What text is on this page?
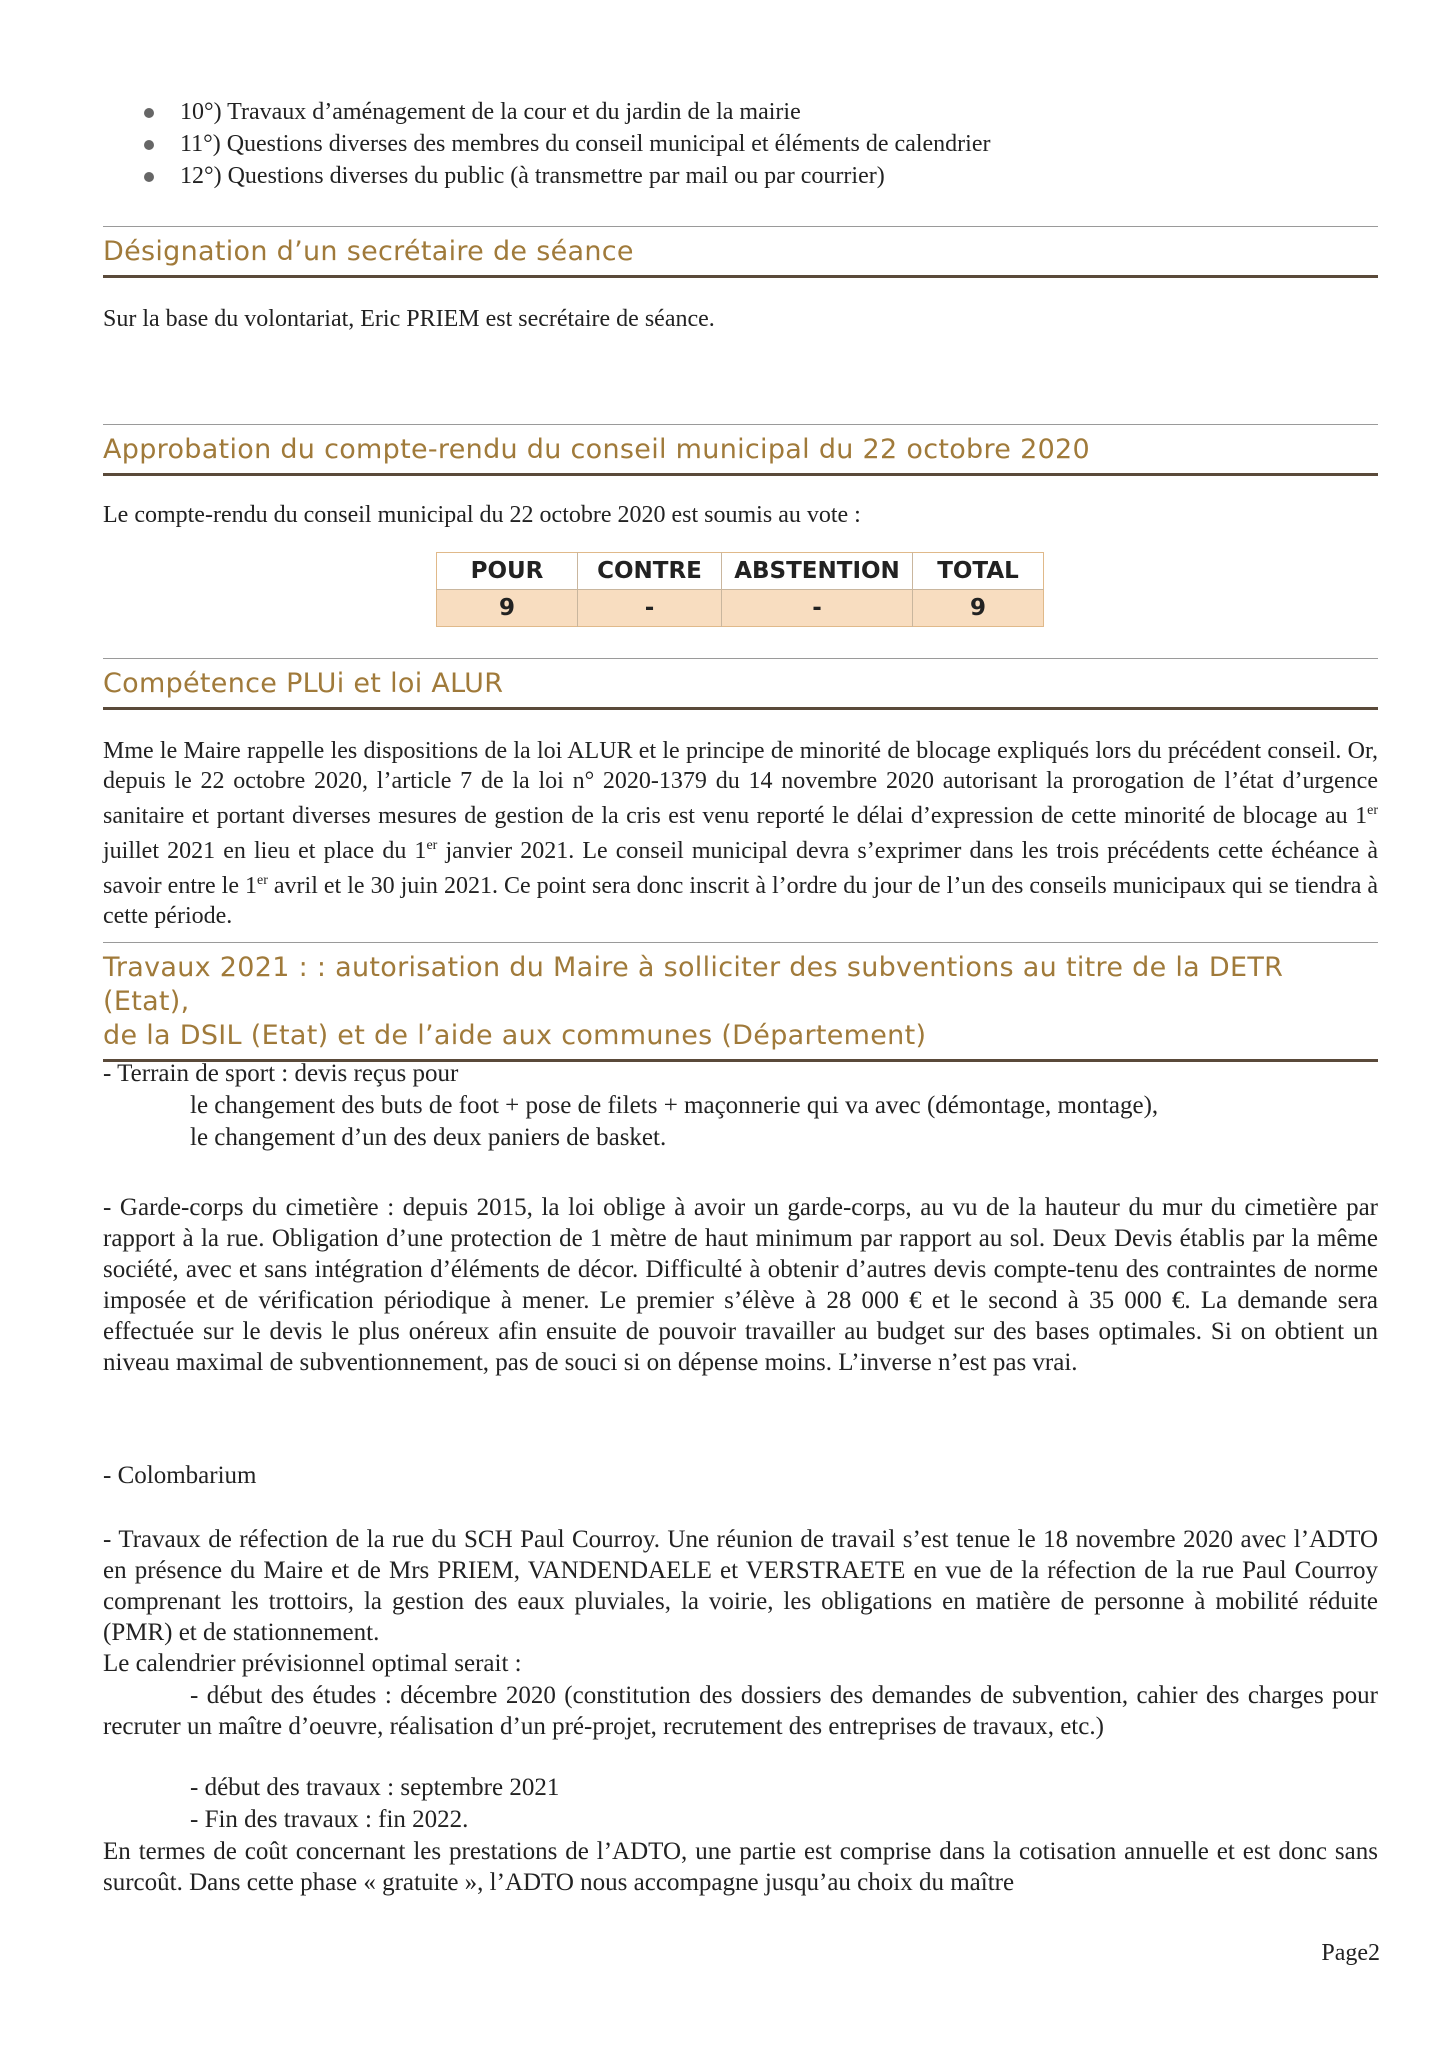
10°) Travaux d’aménagement de la cour et du jardin de la mairie
11°) Questions diverses des membres du conseil municipal et éléments de calendrier
12°) Questions diverses du public (à transmettre par mail ou par courrier)
Désignation d’un secrétaire de séance

Sur la base du volontariat, Eric PRIEM est secrétaire de séance.

Approbation du compte-rendu du conseil municipal du 22 octobre 2020

Le compte-rendu du conseil municipal du 22 octobre 2020 est soumis au vote :

POUR	CONTRE	ABSTENTION	TOTAL
9	-	-	9
Compétence PLUi et loi ALUR

Mme le Maire rappelle les dispositions de la loi ALUR et le principe de minorité de blocage expliqués lors du précédent conseil. Or, depuis le 22 octobre 2020, l’article 7 de la loi n° 2020-1379 du 14 novembre 2020 autorisant la prorogation de l’état d’urgence sanitaire et portant diverses mesures de gestion de la cris est venu reporté le délai d’expression de cette minorité de blocage au 1er juillet 2021 en lieu et place du 1er janvier 2021. Le conseil municipal devra s’exprimer dans les trois précédents cette échéance à savoir entre le 1er avril et le 30 juin 2021. Ce point sera donc inscrit à l’ordre du jour de l’un des conseils municipaux qui se tiendra à cette période.

Travaux 2021 : : autorisation du Maire à solliciter des subventions au titre de la DETR (Etat),
de la DSIL (Etat) et de l’aide aux communes (Département)

- Terrain de sport : devis reçus pour

le changement des buts de foot + pose de filets + maçonnerie qui va avec (démontage, montage),

le changement d’un des deux paniers de basket.

- Garde-corps du cimetière : depuis 2015, la loi oblige à avoir un garde-corps, au vu de la hauteur du mur du cimetière par rapport à la rue. Obligation d’une protection de 1 mètre de haut minimum par rapport au sol. Deux Devis établis par la même société, avec et sans intégration d’éléments de décor. Difficulté à obtenir d’autres devis compte-tenu des contraintes de norme imposée et de vérification périodique à mener. Le premier s’élève à 28 000 € et le second à 35 000 €. La demande sera effectuée sur le devis le plus onéreux afin ensuite de pouvoir travailler au budget sur des bases optimales. Si on obtient un niveau maximal de subventionnement, pas de souci si on dépense moins. L’inverse n’est pas vrai.

- Colombarium

- Travaux de réfection de la rue du SCH Paul Courroy. Une réunion de travail s’est tenue le 18 novembre 2020 avec l’ADTO en présence du Maire et de Mrs PRIEM, VANDENDAELE et VERSTRAETE en vue de la réfection de la rue Paul Courroy comprenant les trottoirs, la gestion des eaux pluviales, la voirie, les obligations en matière de personne à mobilité réduite (PMR) et de stationnement.

Le calendrier prévisionnel optimal serait :

- début des études : décembre 2020 (constitution des dossiers des demandes de subvention, cahier des charges pour recruter un maître d’oeuvre, réalisation d’un pré-projet, recrutement des entreprises de travaux, etc.)

- début des travaux : septembre 2021

- Fin des travaux : fin 2022.

En termes de coût concernant les prestations de l’ADTO, une partie est comprise dans la cotisation annuelle et est donc sans surcoût. Dans cette phase « gratuite », l’ADTO nous accompagne jusqu’au choix du maître

Page2
